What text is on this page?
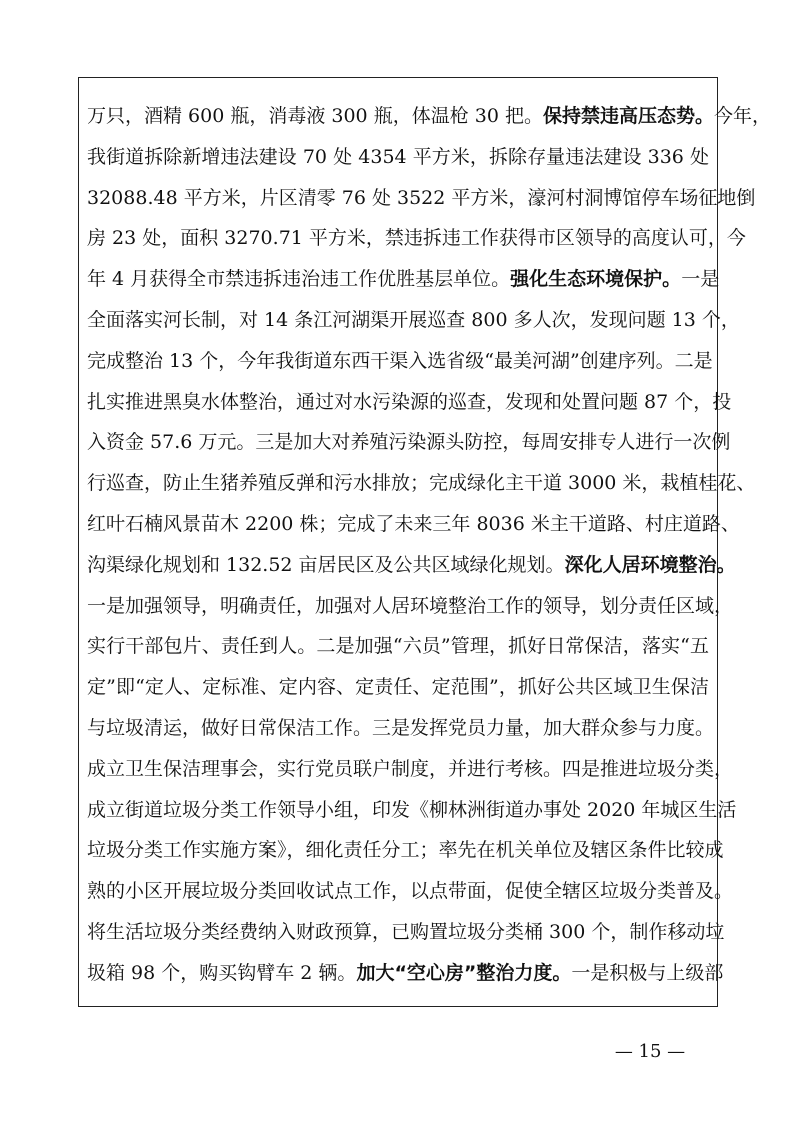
万只，酒精 600 瓶，消毒液 300 瓶，体温枪 30 把。保持禁违高压态势。今年，
我街道拆除新增违法建设 70 处 4354 平方米，拆除存量违法建设 336 处
32088.48 平方米，片区清零 76 处 3522 平方米，濠河村洞博馆停车场征地倒
房 23 处，面积 3270.71 平方米，禁违拆违工作获得市区领导的高度认可，今
年 4 月获得全市禁违拆违治违工作优胜基层单位。强化生态环境保护。一是
全面落实河长制，对 14 条江河湖渠开展巡查 800 多人次，发现问题 13 个，
完成整治 13 个，今年我街道东西干渠入选省级“最美河湖”创建序列。二是
扎实推进黑臭水体整治，通过对水污染源的巡查，发现和处置问题 87 个，投
入资金 57.6 万元。三是加大对养殖污染源头防控，每周安排专人进行一次例
行巡查，防止生猪养殖反弹和污水排放；完成绿化主干道 3000 米，栽植桂花、
红叶石楠风景苗木 2200 株；完成了未来三年 8036 米主干道路、村庄道路、
沟渠绿化规划和 132.52 亩居民区及公共区域绿化规划。深化人居环境整治。
一是加强领导，明确责任，加强对人居环境整治工作的领导，划分责任区域，
实行干部包片、责任到人。二是加强“六员”管理，抓好日常保洁，落实“五
定”即“定人、定标准、定内容、定责任、定范围”，抓好公共区域卫生保洁
与垃圾清运，做好日常保洁工作。三是发挥党员力量，加大群众参与力度。
成立卫生保洁理事会，实行党员联户制度，并进行考核。四是推进垃圾分类，
成立街道垃圾分类工作领导小组，印发《柳林洲街道办事处 2020 年城区生活
垃圾分类工作实施方案》，细化责任分工；率先在机关单位及辖区条件比较成
熟的小区开展垃圾分类回收试点工作，以点带面，促使全辖区垃圾分类普及。
将生活垃圾分类经费纳入财政预算，已购置垃圾分类桶 300 个，制作移动垃
圾箱 98 个，购买钩臂车 2 辆。加大“空心房”整治力度。一是积极与上级部
— 15 —
